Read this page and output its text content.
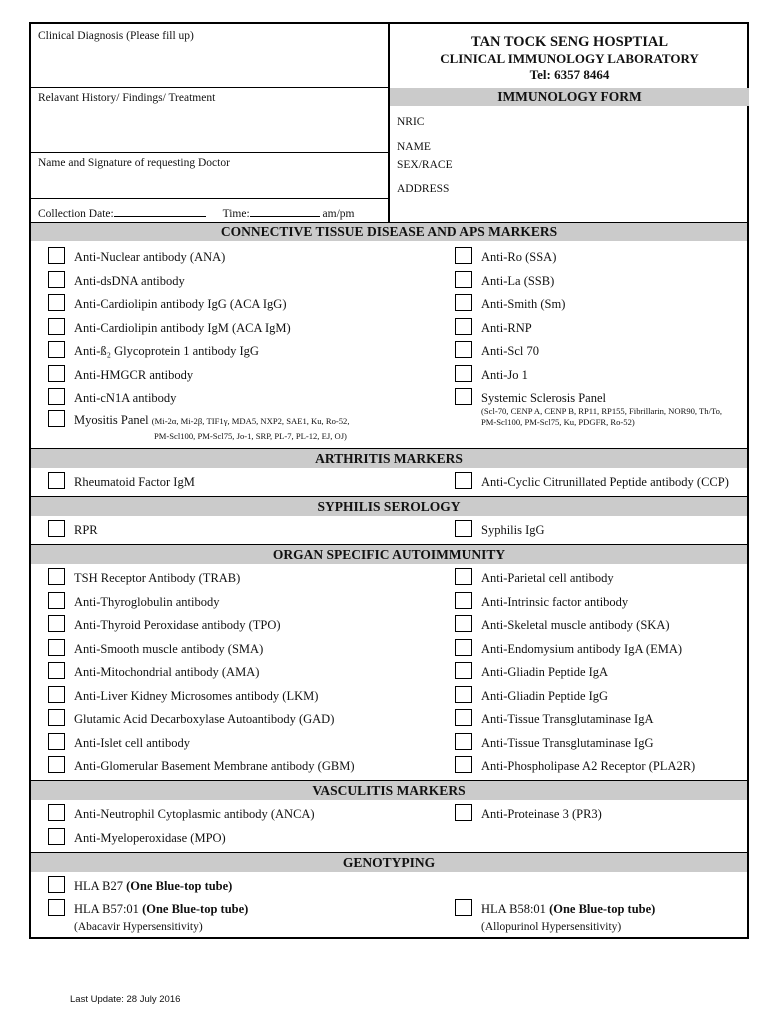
Clinical Diagnosis (Please fill up)
Relavant History/ Findings/ Treatment
Name and Signature of requesting Doctor
Collection Date:	Time:	am/pm
TAN TOCK SENG HOSPTIAL
CLINICAL IMMUNOLOGY LABORATORY
Tel: 6357 8464
IMMUNOLOGY FORM
NRIC
NAME
SEX/RACE
ADDRESS
CONNECTIVE TISSUE DISEASE AND APS MARKERS
Anti-Nuclear antibody (ANA)
Anti-dsDNA antibody
Anti-Cardiolipin antibody IgG (ACA IgG)
Anti-Cardiolipin antibody IgM (ACA IgM)
Anti-ß₂ Glycoprotein 1 antibody IgG
Anti-HMGCR antibody
Anti-cN1A antibody
Myositis Panel (Mi-2α, Mi-2β, TIF1γ, MDA5, NXP2, SAE1, Ku, Ro-52,
PM-Scl100, PM-Scl75, Jo-1, SRP, PL-7, PL-12, EJ, OJ)
Anti-Ro (SSA)
Anti-La (SSB)
Anti-Smith (Sm)
Anti-RNP
Anti-Scl 70
Anti-Jo 1
Systemic Sclerosis Panel
(Scl-70, CENP A, CENP B, RP11, RP155, Fibrillarin, NOR90, Th/To,
PM-Scl100, PM-Scl75, Ku, PDGFR, Ro-52)
ARTHRITIS MARKERS
Rheumatoid Factor IgM	Anti-Cyclic Citrunillated Peptide antibody (CCP)
SYPHILIS SEROLOGY
RPR	Syphilis IgG
ORGAN SPECIFIC AUTOIMMUNITY
TSH Receptor Antibody (TRAB)
Anti-Thyroglobulin antibody
Anti-Thyroid Peroxidase antibody (TPO)
Anti-Smooth muscle antibody (SMA)
Anti-Mitochondrial antibody (AMA)
Anti-Liver Kidney Microsomes antibody (LKM)
Glutamic Acid Decarboxylase Autoantibody (GAD)
Anti-Islet cell antibody
Anti-Glomerular Basement Membrane antibody (GBM)
Anti-Parietal cell antibody
Anti-Intrinsic factor antibody
Anti-Skeletal muscle antibody (SKA)
Anti-Endomysium antibody IgA (EMA)
Anti-Gliadin Peptide IgA
Anti-Gliadin Peptide IgG
Anti-Tissue Transglutaminase IgA
Anti-Tissue Transglutaminase IgG
Anti-Phospholipase A2 Receptor (PLA2R)
VASCULITIS MARKERS
Anti-Neutrophil Cytoplasmic antibody (ANCA)
Anti-Myeloperoxidase (MPO)
Anti-Proteinase 3 (PR3)
GENOTYPING
HLA B27 (One Blue-top tube)
HLA B57:01 (One Blue-top tube)
(Abacavir Hypersensitivity)
HLA B58:01 (One Blue-top tube)
(Allopurinol Hypersensitivity)
Last Update: 28 July 2016
